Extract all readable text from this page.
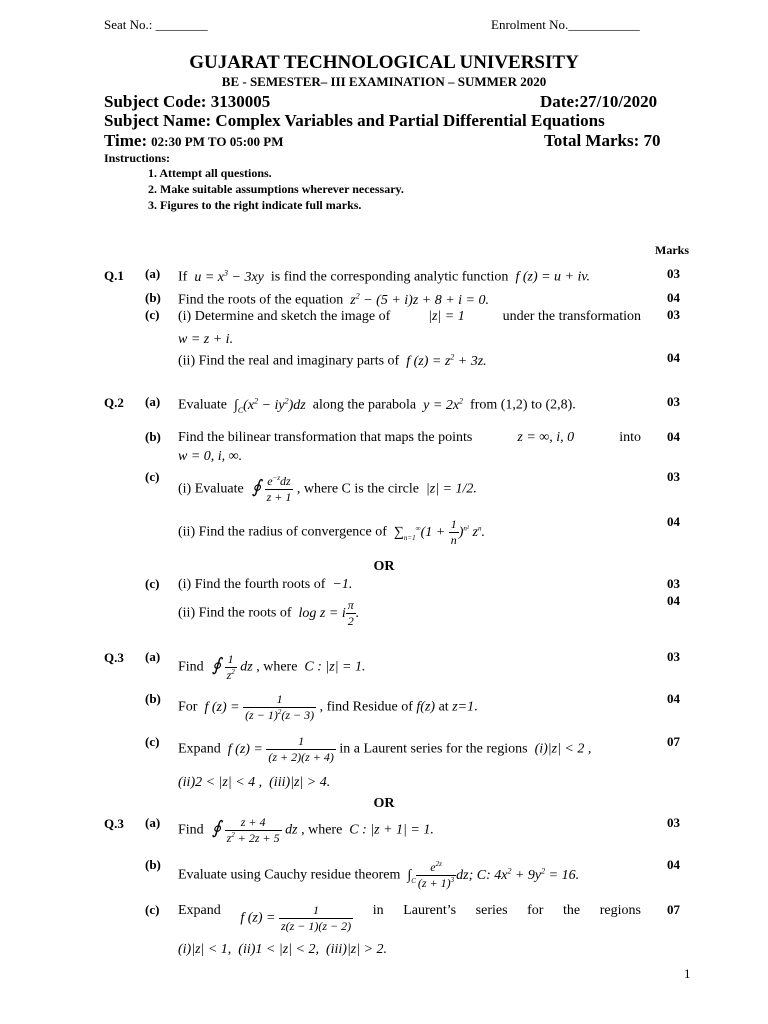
Seat No.: ________	Enrolment No.___________
GUJARAT TECHNOLOGICAL UNIVERSITY
BE - SEMESTER– III EXAMINATION – SUMMER 2020
Subject Code: 3130005	Date:27/10/2020
Subject Name: Complex Variables and Partial Differential Equations
Time: 02:30 PM TO 05:00 PM	Total Marks: 70
Instructions:
1. Attempt all questions.
2. Make suitable assumptions wherever necessary.
3. Figures to the right indicate full marks.
Marks
Q.1 (a) If  $u = x^3 - 3xy$  is find the corresponding analytic function  f (z) = u + iv.	03
(b) Find the roots of the equation  $z^2 - (5 + i)z + 8 + i = 0$.	04
(c) (i) Determine and sketch the image of	|z| = 1	under the transformation 03
w = z + i.
(ii) Find the real and imaginary parts of  f $(z) = z^2 + 3z$.	04
Q.2 (a) Evaluate  $\int_C(x^2 - iy^2)dz$  along the parabola  $y = 2x^2$ from (1,2) to (2,8).	03
(b) Find the bilinear transformation that maps the points	z = ∞, i, 0	into 04
w = 0, i, ∞.
(c)
(i) Evaluate  ∮ $\frac{e^{-z}dz}{z + 1}$ , where C is the circle  |z| = 1/2.
03
(ii) Find the radius of convergence of  $\sum_{n=1}^\infty(1 + \frac{1}{n} )^{n^2}$ $z^n$.
04
OR
(c) (i) Find the fourth roots of  −1.	03
(ii) Find the roots of  log z = i $\frac{\pi}{2}$ .
04
Q.3 (a)
Find  ∮ $\frac{1}{z^2}$ dz , where  C : |z| = 1.
03
(b)
For  f $(z) = \frac{1}{(z - 1)^2(z - 3)}$ , find Residue of f(z) at z=1.
04
(c)
Expand  f $(z) = \frac{1}{(z + 2)(z + 4)}$ in a Laurent series for the regions  (i)|z| < 2 ,
07
(ii)2 < |z| < 4 ,  (iii)|z| > 4.
OR
Q.3 (a)
Find  ∮ $\frac{z + 4}{z^2 + 2z + 5}$ dz , where  C : |z + 1| = 1.
03
(b)
Evaluate using Cauchy residue theorem  $\int_C \frac{e^{2z}}{(z + 1)^3}$ dz; C: $4x^2 + 9y^2 = 16$.
04
(c) Expand
f $(z) = \frac{1}{z(z - 1)(z - 2)}$ in Laurent’s series for the regions 07
(i)|z| < 1,  (ii)1 < |z| < 2,  (iii)|z| > 2.
1
